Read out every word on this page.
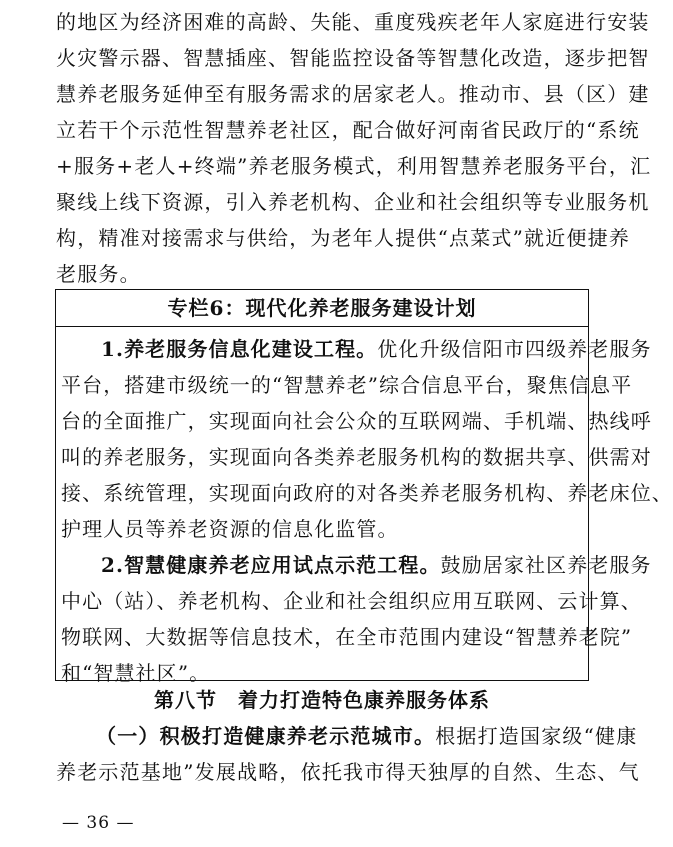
的地区为经济困难的高龄、失能、重度残疾老年人家庭进行安装
火灾警示器、智慧插座、智能监控设备等智慧化改造，逐步把智
慧养老服务延伸至有服务需求的居家老人。推动市、县（区）建
立若干个示范性智慧养老社区，配合做好河南省民政厅的“系统
+服务+老人+终端”养老服务模式，利用智慧养老服务平台，汇
聚线上线下资源，引入养老机构、企业和社会组织等专业服务机
构，精准对接需求与供给，为老年人提供“点菜式”就近便捷养
老服务。
专栏6：现代化养老服务建设计划
1.养老服务信息化建设工程。优化升级信阳市四级养老服务
平台，搭建市级统一的“智慧养老”综合信息平台，聚焦信息平
台的全面推广，实现面向社会公众的互联网端、手机端、热线呼
叫的养老服务，实现面向各类养老服务机构的数据共享、供需对
接、系统管理，实现面向政府的对各类养老服务机构、养老床位、
护理人员等养老资源的信息化监管。
2.智慧健康养老应用试点示范工程。鼓励居家社区养老服务
中心（站）、养老机构、企业和社会组织应用互联网、云计算、
物联网、大数据等信息技术，在全市范围内建设“智慧养老院”
和“智慧社区”。
第八节　着力打造特色康养服务体系
（一）积极打造健康养老示范城市。根据打造国家级“健康
养老示范基地”发展战略，依托我市得天独厚的自然、生态、气
— 36 —
